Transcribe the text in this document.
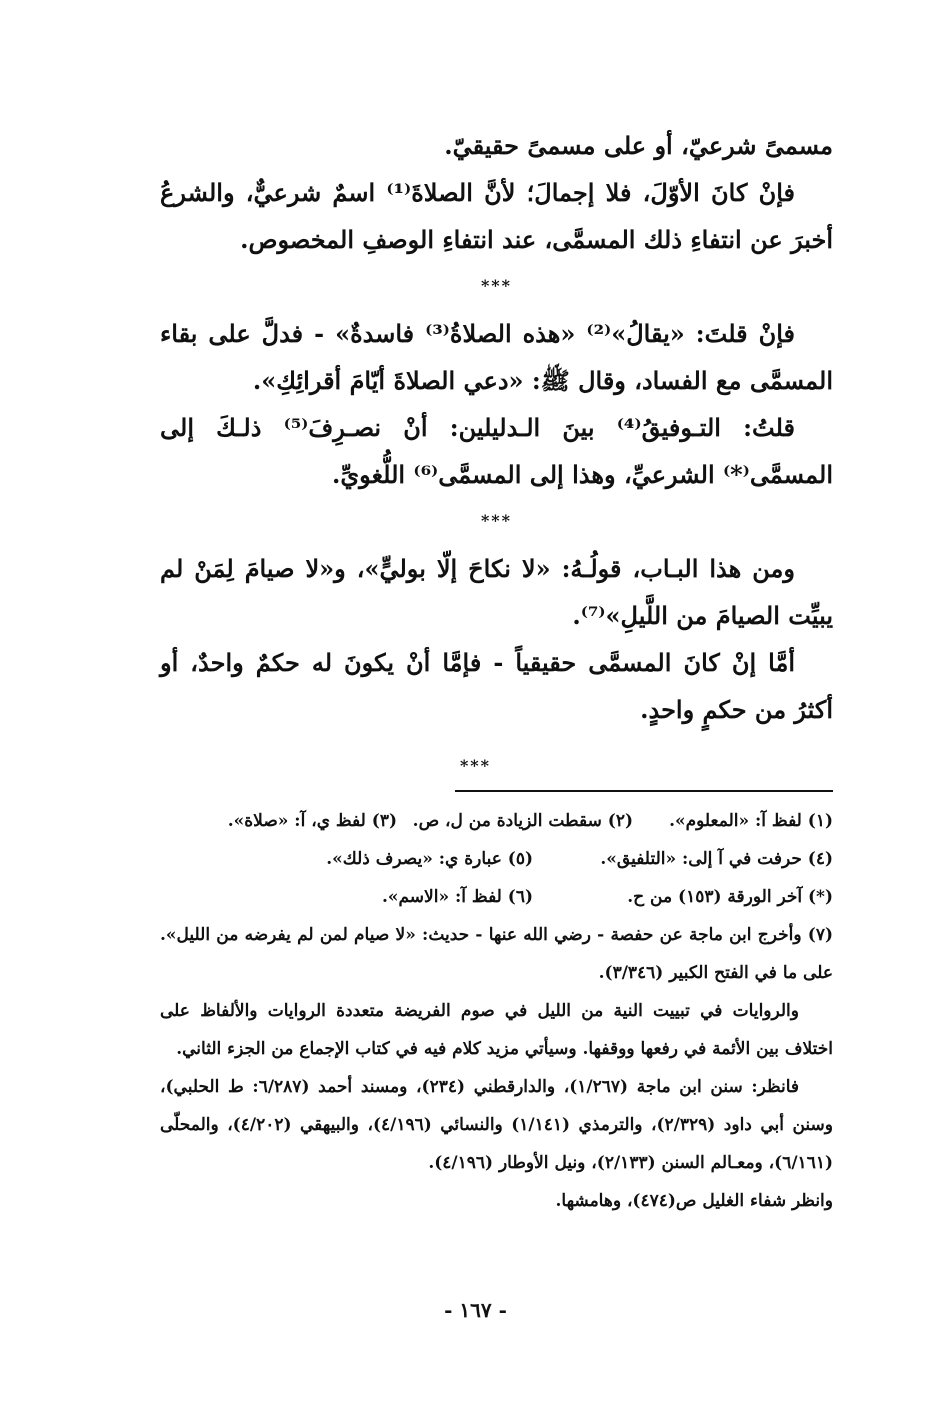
مسمىً شرعيّ، أو على مسمىً حقيقيّ.

فإنْ كانَ الأوّلَ، فلا إجمالَ؛ لأنَّ الصلاةَ⁽¹⁾ اسمٌ شرعيٌّ، والشرعُ أخبرَ عن انتفاءِ ذلك المسمَّى، عند انتفاءِ الوصفِ المخصوص.

***

فإنْ قلتَ: «يقالُ»⁽²⁾ «هذه الصلاةُ⁽³⁾ فاسدةٌ» - فدلَّ على بقاء المسمَّى مع الفساد، وقال ﷺ: «دعي الصلاةَ أيّامَ أقرائِكِ».

قلتُ: التـوفيقُ⁽⁴⁾ بينَ الـدليلين: أنْ نصـرِفَ⁽⁵⁾ ذلـكَ إلى المسمَّى⁽*⁾ الشرعيِّ، وهذا إلى المسمَّى⁽⁶⁾ اللُّغويِّ.

***

ومن هذا البـاب، قولُـهُ: «لا نكاحَ إلّا بوليٍّ»، و«لا صيامَ لِمَنْ لم يبيِّت الصيامَ من اللَّيلِ»⁽⁷⁾.

أمَّا إنْ كانَ المسمَّى حقيقياً - فإمَّا أنْ يكونَ له حكمٌ واحدٌ، أو أكثرُ من حكمٍ واحدٍ.

***
(١) لفظ آ: «المعلوم».
(٢) سقطت الزيادة من ل، ص.
(٣) لفظ ي، آ: «صلاة».
(٤) حرفت في آ إلى: «التلفيق».
(٥) عبارة ي: «يصرف ذلك».
(*) آخر الورقة (١٥٣) من ح.
(٦) لفظ آ: «الاسم».

(٧) وأخرج ابن ماجة عن حفصة - رضي الله عنها - حديث: «لا صيام لمن لم يفرضه من الليل». على ما في الفتح الكبير (٣/٣٤٦).

والروايات في تبييت النية من الليل في صوم الفريضة متعددة الروايات والألفاظ على اختلاف بين الأئمة في رفعها ووقفها. وسيأتي مزيد كلام فيه في كتاب الإجماع من الجزء الثاني.

فانظر: سنن ابن ماجة (١/٢٦٧)، والدارقطني (٢٣٤)، ومسند أحمد (٦/٢٨٧: ط الحلبي)، وسنن أبي داود (٢/٣٢٩)، والترمذي (١/١٤١) والنسائي (٤/١٩٦)، والبيهقي (٤/٢٠٢)، والمحلّى (٦/١٦١)، ومعـالم السنن (٢/١٣٣)، ونيل الأوطار (٤/١٩٦).

وانظر شفاء الغليل ص(٤٧٤)، وهامشها.

- ١٦٧ -
